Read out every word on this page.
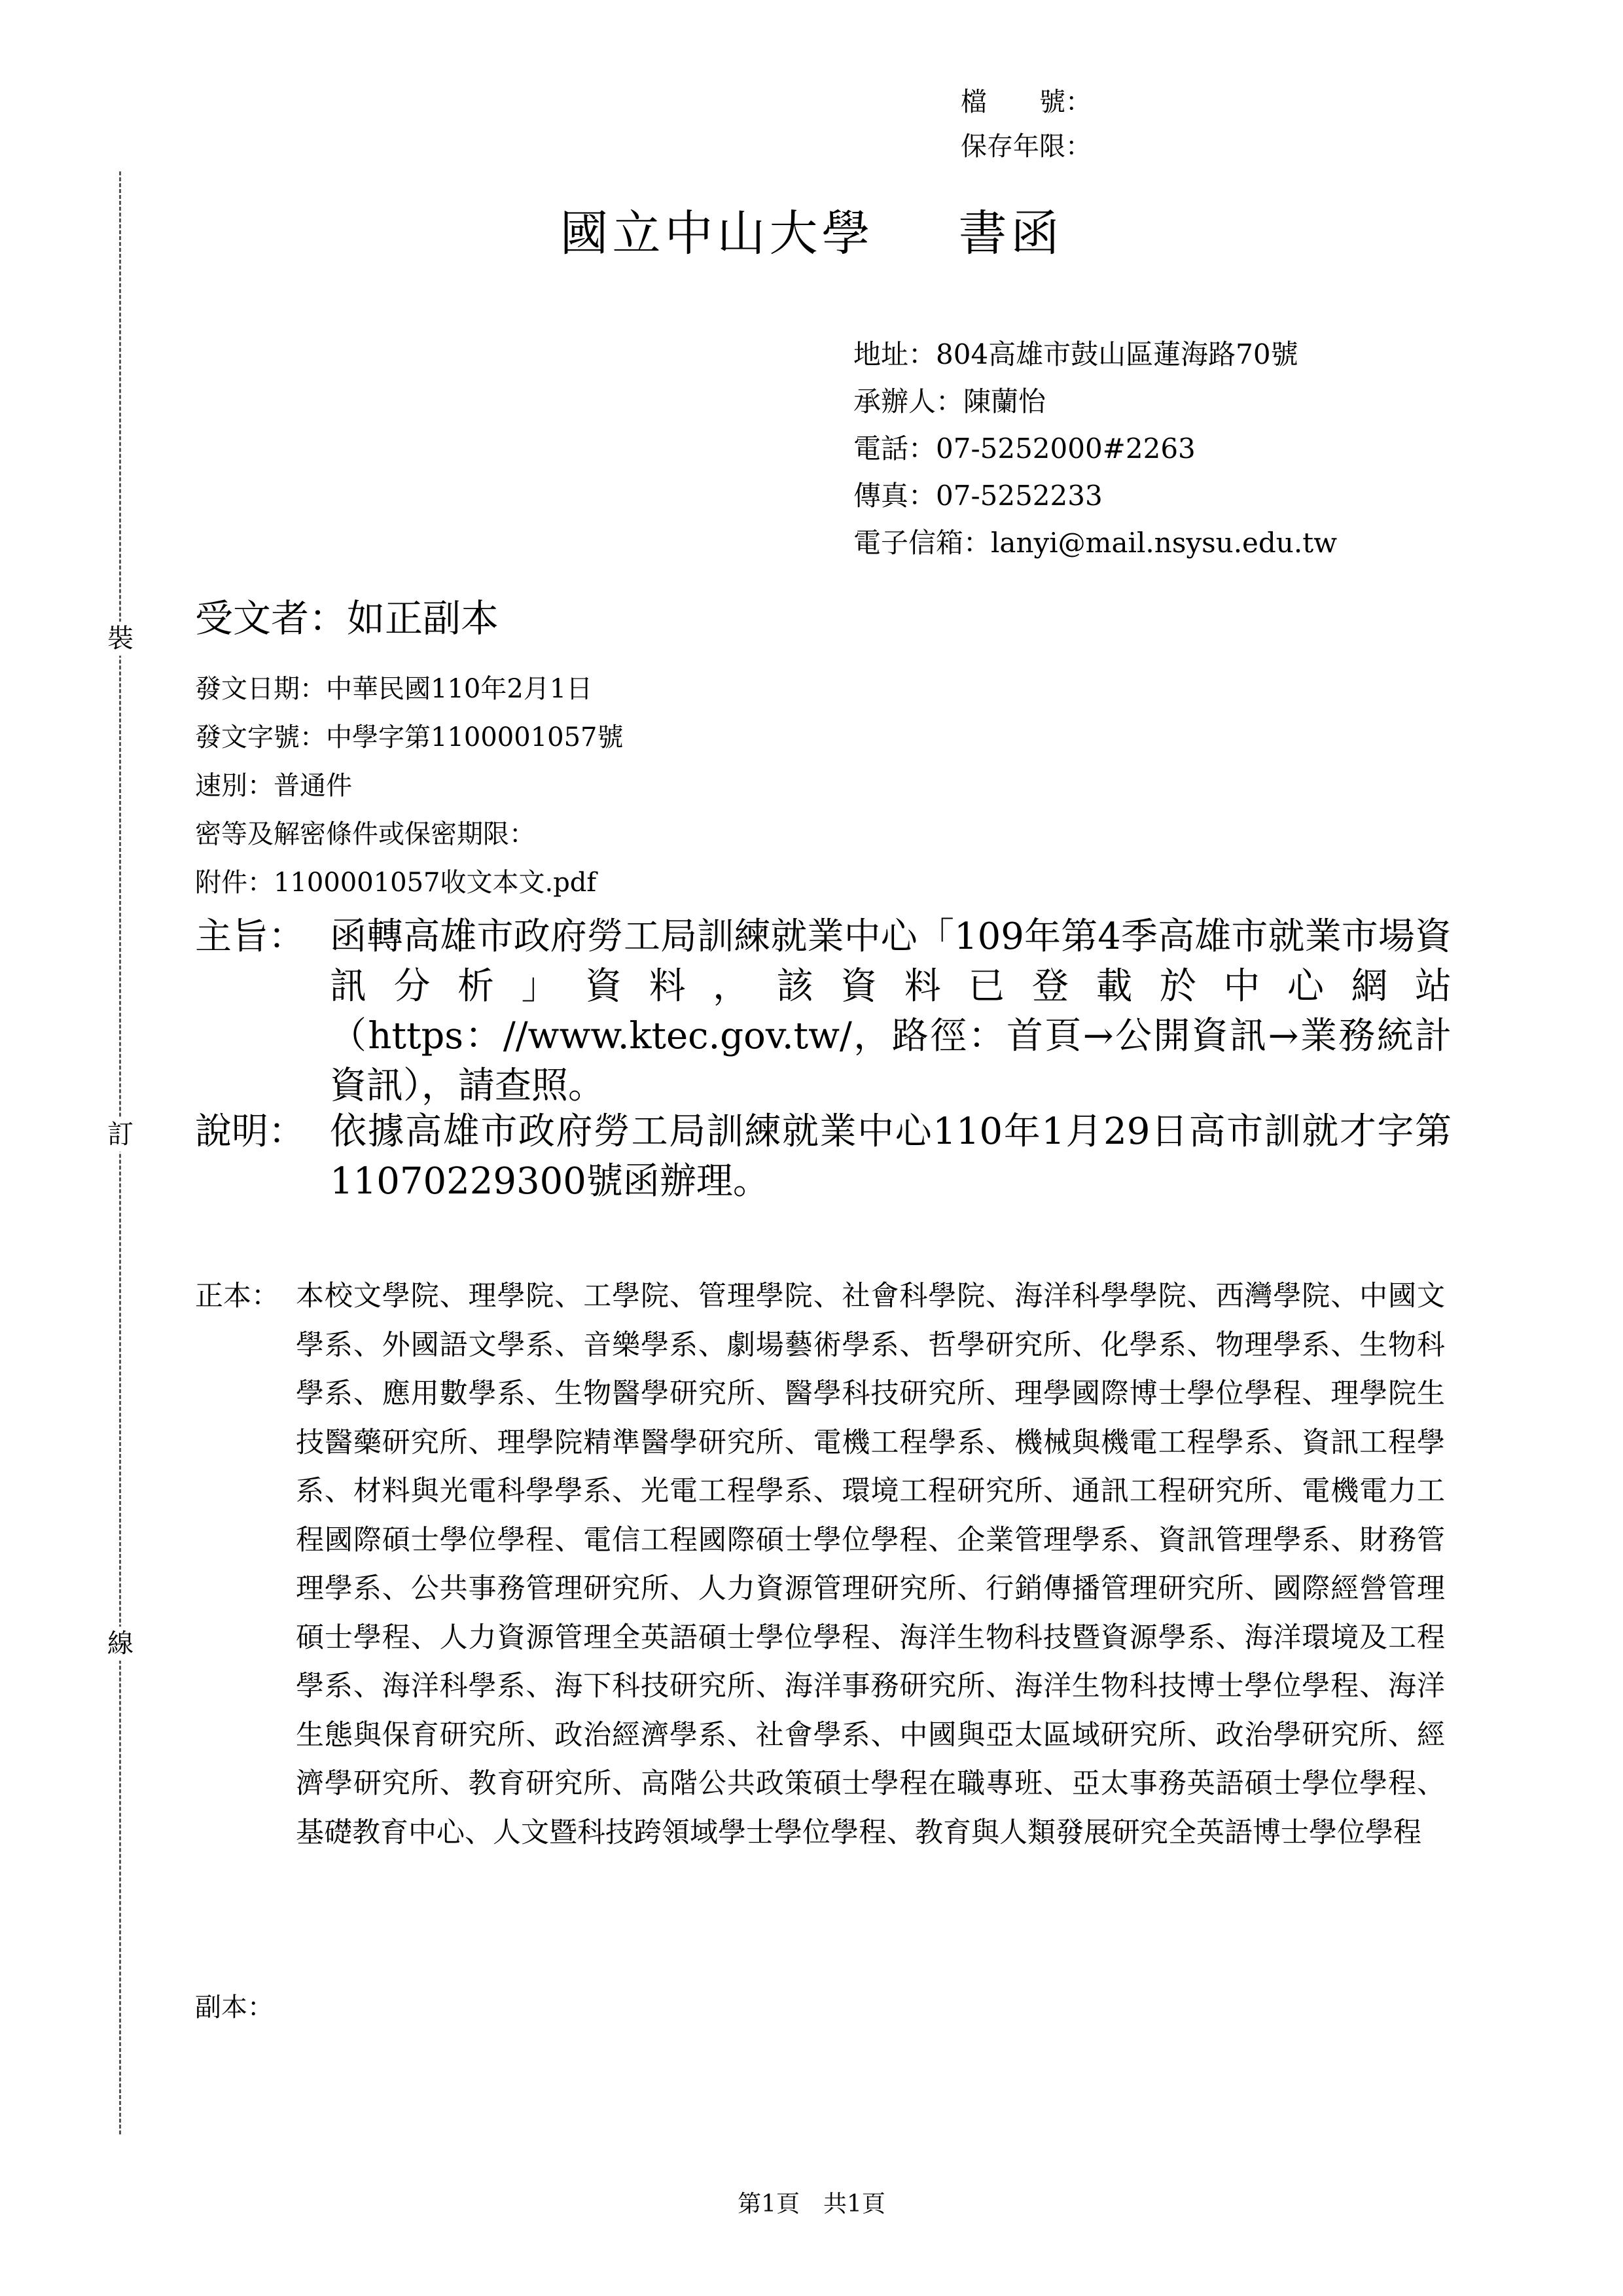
裝
訂
線
檔　　號：
保存年限：
國立中山大學 書函
地址：804高雄市鼓山區蓮海路70號
承辦人：陳蘭怡
電話：07-5252000#2263
傳真：07-5252233
電子信箱：lanyi@mail.nsysu.edu.tw
受文者：如正副本
發文日期：中華民國110年2月1日
發文字號：中學字第1100001057號
速別：普通件
密等及解密條件或保密期限：
附件：1100001057收文本文.pdf
主旨： 函轉高雄市政府勞工局訓練就業中心「109年第4季高雄市就業市場資訊分析」資料，該資料已登載於中心網站（https：//www.ktec.gov.tw/，路徑：首頁→公開資訊→業務統計資訊），請查照。
說明： 依據高雄市政府勞工局訓練就業中心110年1月29日高市訓就才字第11070229300號函辦理。
正本： 本校文學院、理學院、工學院、管理學院、社會科學院、海洋科學學院、西灣學院、中國文學系、外國語文學系、音樂學系、劇場藝術學系、哲學研究所、化學系、物理學系、生物科學系、應用數學系、生物醫學研究所、醫學科技研究所、理學國際博士學位學程、理學院生技醫藥研究所、理學院精準醫學研究所、電機工程學系、機械與機電工程學系、資訊工程學系、材料與光電科學學系、光電工程學系、環境工程研究所、通訊工程研究所、電機電力工程國際碩士學位學程、電信工程國際碩士學位學程、企業管理學系、資訊管理學系、財務管理學系、公共事務管理研究所、人力資源管理研究所、行銷傳播管理研究所、國際經營管理碩士學程、人力資源管理全英語碩士學位學程、海洋生物科技暨資源學系、海洋環境及工程學系、海洋科學系、海下科技研究所、海洋事務研究所、海洋生物科技博士學位學程、海洋生態與保育研究所、政治經濟學系、社會學系、中國與亞太區域研究所、政治學研究所、經濟學研究所、教育研究所、高階公共政策碩士學程在職專班、亞太事務英語碩士學位學程、基礎教育中心、人文暨科技跨領域學士學位學程、教育與人類發展研究全英語博士學位學程
副本：
第1頁　共1頁
